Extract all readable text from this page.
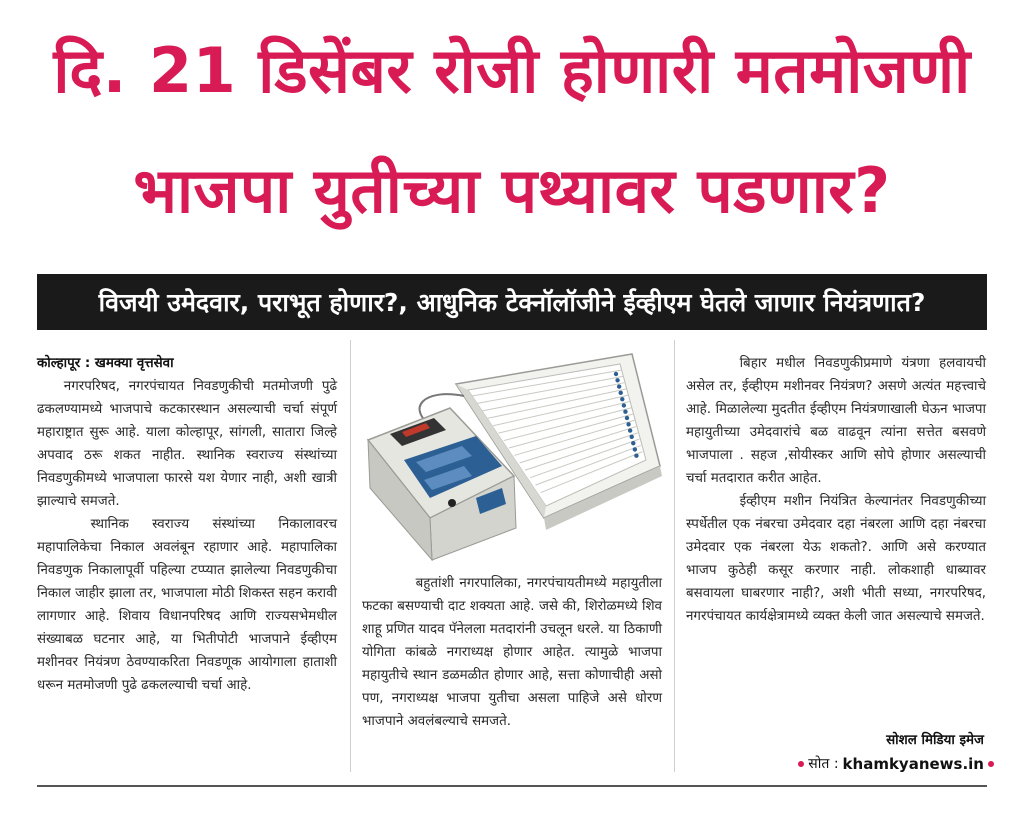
दि. 21 डिसेंबर रोजी होणारी मतमोजणी
भाजपा युतीच्या पथ्यावर पडणार?
विजयी उमेदवार, पराभूत होणार?, आधुनिक टेक्नॉलॉजीने ईव्हीएम घेतले जाणार नियंत्रणात?

कोल्हापूर : खमक्या वृत्तसेवा

नगरपरिषद, नगरपंचायत निवडणुकीची मतमोजणी पुढे ढकलण्यामध्ये भाजपाचे कटकारस्थान असल्याची चर्चा संपूर्ण महाराष्ट्रात सुरू आहे. याला कोल्हापूर, सांगली, सातारा जिल्हे अपवाद ठरू शकत नाहीत. स्थानिक स्वराज्य संस्थांच्या निवडणुकीमध्ये भाजपाला फारसे यश येणार नाही, अशी खात्री झाल्याचे समजते.

स्थानिक स्वराज्य संस्थांच्या निकालावरच महापालिकेचा निकाल अवलंबून रहाणार आहे. महापालिका निवडणुक निकालापूर्वी पहिल्या टप्प्यात झालेल्या निवडणुकीचा निकाल जाहीर झाला तर, भाजपाला मोठी शिकस्त सहन करावी लागणार आहे. शिवाय विधानपरिषद आणि राज्यसभेमधील संख्याबळ घटनार आहे, या भितीपोटी भाजपाने ईव्हीएम मशीनवर नियंत्रण ठेवण्याकरिता निवडणूक आयोगाला हाताशी धरून मतमोजणी पुढे ढकलल्याची चर्चा आहे.

बहुतांशी नगरपालिका, नगरपंचायतीमध्ये महायुतीला फटका बसण्याची दाट शक्यता आहे. जसे की, शिरोळमध्ये शिव शाहू प्रणित यादव पॅनेलला मतदारांनी उचलून धरले. या ठिकाणी योगिता कांबळे नगराध्यक्ष होणार आहेत. त्यामुळे भाजपा महायुतीचे स्थान डळमळीत होणार आहे, सत्ता कोणाचीही असो पण, नगराध्यक्ष भाजपा युतीचा असला पाहिजे असे धोरण भाजपाने अवलंबल्याचे समजते.

बिहार मधील निवडणुकीप्रमाणे यंत्रणा हलवायची असेल तर, ईव्हीएम मशीनवर नियंत्रण? असणे अत्यंत महत्त्वाचे आहे. मिळालेल्या मुदतीत ईव्हीएम नियंत्रणाखाली घेऊन भाजपा महायुतीच्या उमेदवारांचे बळ वाढवून त्यांना सत्तेत बसवणे भाजपाला . सहज ,सोयीस्कर आणि सोपे होणार असल्याची चर्चा मतदारात करीत आहेत.

ईव्हीएम मशीन नियंत्रित केल्यानंतर निवडणुकीच्या स्पर्धेतील एक नंबरचा उमेदवार दहा नंबरला आणि दहा नंबरचा उमेदवार एक नंबरला येऊ शकतो?. आणि असे करण्यात भाजप कुठेही कसूर करणार नाही. लोकशाही धाब्यावर बसवायला घाबरणार नाही?, अशी भीती सध्या, नगरपरिषद, नगरपंचायत कार्यक्षेत्रामध्ये व्यक्त केली जात असल्याचे समजते.

सोशल मिडिया इमेज
सोत : khamkyanews.in
